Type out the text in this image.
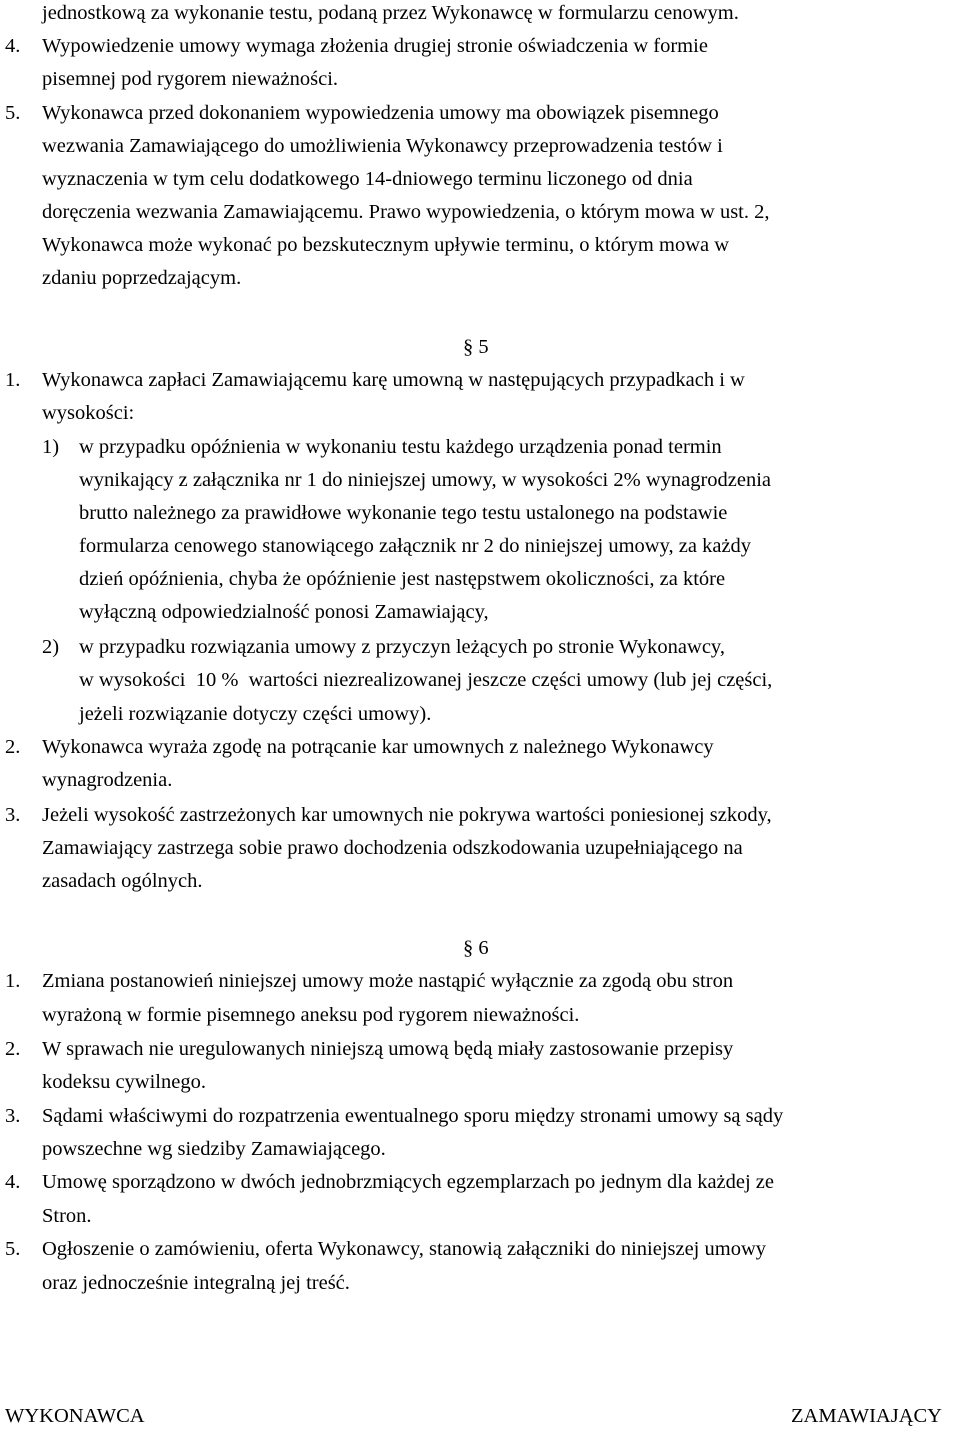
jednostkową za wykonanie testu, podaną przez Wykonawcę w formularzu cenowym.
4. Wypowiedzenie umowy wymaga złożenia drugiej stronie oświadczenia w formie
pisemnej pod rygorem nieważności.
5. Wykonawca przed dokonaniem wypowiedzenia umowy ma obowiązek pisemnego
wezwania Zamawiającego do umożliwienia Wykonawcy przeprowadzenia testów i
wyznaczenia w tym celu dodatkowego 14-dniowego terminu liczonego od dnia
doręczenia wezwania Zamawiającemu. Prawo wypowiedzenia, o którym mowa w ust. 2,
Wykonawca może wykonać po bezskutecznym upływie terminu, o którym mowa w
zdaniu poprzedzającym.
§ 5
1. Wykonawca zapłaci Zamawiającemu karę umowną w następujących przypadkach i w
wysokości:
1) w przypadku opóźnienia w wykonaniu testu każdego urządzenia ponad termin
wynikający z załącznika nr 1 do niniejszej umowy, w wysokości 2% wynagrodzenia
brutto należnego za prawidłowe wykonanie tego testu ustalonego na podstawie
formularza cenowego stanowiącego załącznik nr 2 do niniejszej umowy, za każdy
dzień opóźnienia, chyba że opóźnienie jest następstwem okoliczności, za które
wyłączną odpowiedzialność ponosi Zamawiający,
2) w przypadku rozwiązania umowy z przyczyn leżących po stronie Wykonawcy,
w wysokości  10 %  wartości niezrealizowanej jeszcze części umowy (lub jej części,
jeżeli rozwiązanie dotyczy części umowy).
2. Wykonawca wyraża zgodę na potrącanie kar umownych z należnego Wykonawcy
wynagrodzenia.
3. Jeżeli wysokość zastrzeżonych kar umownych nie pokrywa wartości poniesionej szkody,
Zamawiający zastrzega sobie prawo dochodzenia odszkodowania uzupełniającego na
zasadach ogólnych.
§ 6
1. Zmiana postanowień niniejszej umowy może nastąpić wyłącznie za zgodą obu stron
wyrażoną w formie pisemnego aneksu pod rygorem nieważności.
2. W sprawach nie uregulowanych niniejszą umową będą miały zastosowanie przepisy
kodeksu cywilnego.
3. Sądami właściwymi do rozpatrzenia ewentualnego sporu między stronami umowy są sądy
powszechne wg siedziby Zamawiającego.
4. Umowę sporządzono w dwóch jednobrzmiących egzemplarzach po jednym dla każdej ze
Stron.
5. Ogłoszenie o zamówieniu, oferta Wykonawcy, stanowią załączniki do niniejszej umowy
oraz jednocześnie integralną jej treść.
WYKONAWCA	ZAMAWIAJĄCY
